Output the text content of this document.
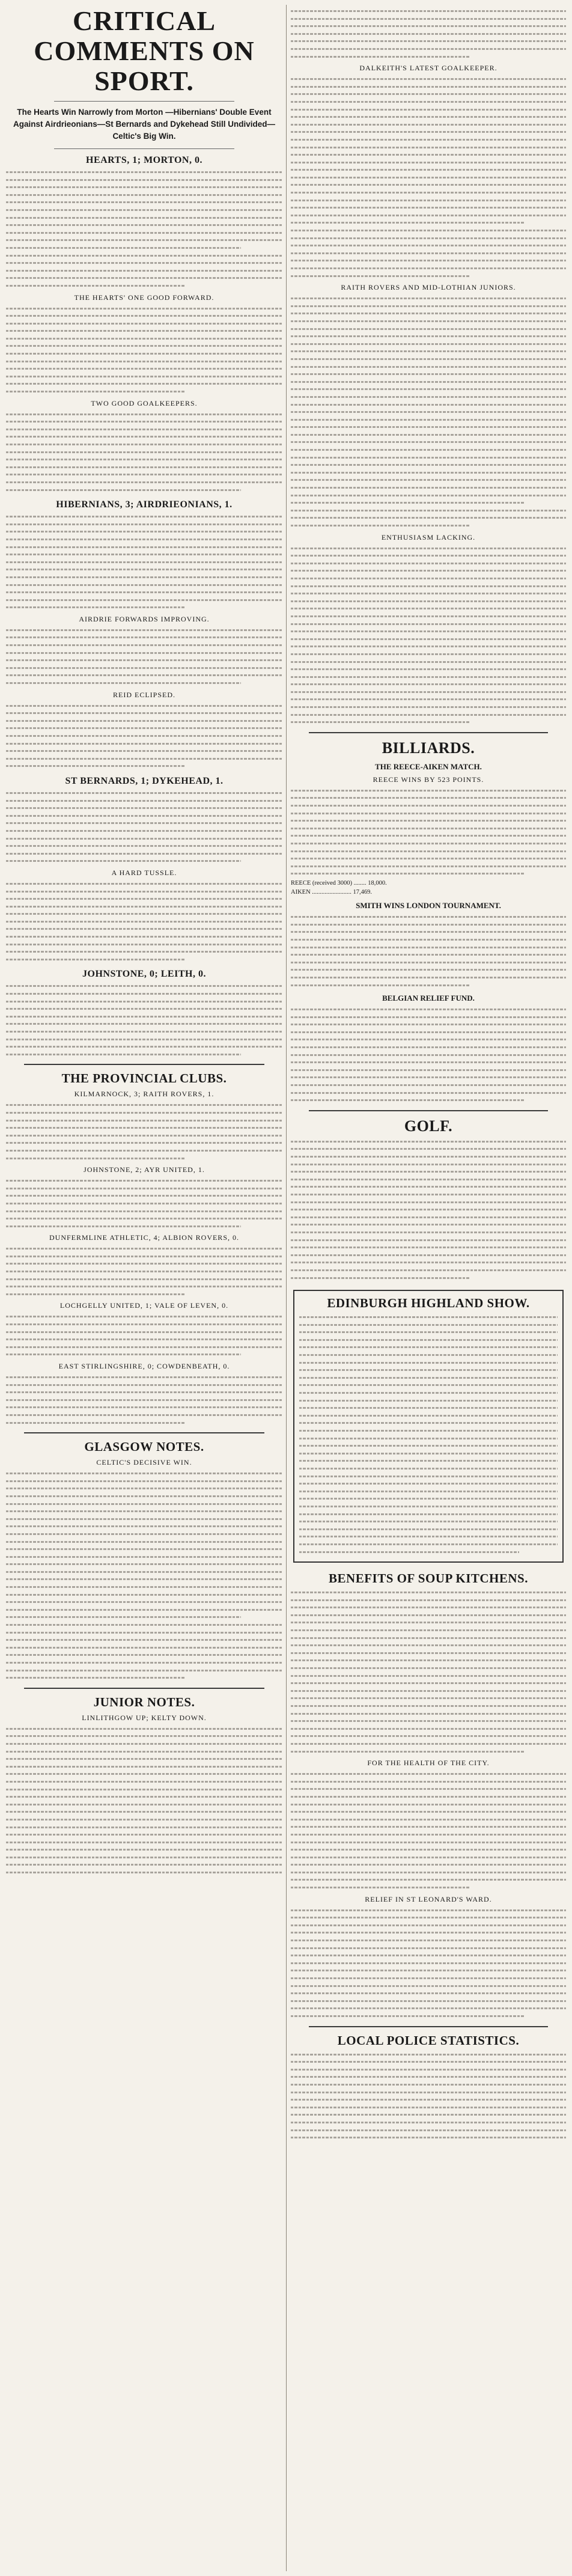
CRITICAL COMMENTS ON SPORT.
The Hearts Win Narrowly from Morton —Hibernians' Double Event Against Airdrieonians—St Bernards and Dykehead Still Undivided—Celtic's Big Win.
HEARTS, 1; MORTON, 0.
THE HEARTS' ONE GOOD FORWARD.
TWO GOOD GOALKEEPERS.
HIBERNIANS, 3; AIRDRIEONIANS, 1.
AIRDRIE FORWARDS IMPROVING.
REID ECLIPSED.
ST BERNARDS, 1; DYKEHEAD, 1.
A HARD TUSSLE.
JOHNSTONE, 0; LEITH, 0.
THE PROVINCIAL CLUBS.
KILMARNOCK, 3; RAITH ROVERS, 1.
JOHNSTONE, 2; AYR UNITED, 1.
DUNFERMLINE ATHLETIC, 4; ALBION ROVERS, 0.
LOCHGELLY UNITED, 1; VALE OF LEVEN, 0.
EAST STIRLINGSHIRE, 0; COWDENBEATH, 0.
GLASGOW NOTES.
CELTIC'S DECISIVE WIN.
JUNIOR NOTES.
LINLITHGOW UP; KELTY DOWN.
DALKEITH'S LATEST GOALKEEPER.
RAITH ROVERS AND MID-LOTHIAN JUNIORS.
ENTHUSIASM LACKING.
BILLIARDS.
THE REECE-AIKEN MATCH.
REECE WINS BY 523 POINTS.

REECE (received 3000) ........ 18,000.

AIKEN ......................... 17,469.

SMITH WINS LONDON TOURNAMENT.
BELGIAN RELIEF FUND.
GOLF.
EDINBURGH HIGHLAND SHOW.
BENEFITS OF SOUP KITCHENS.
FOR THE HEALTH OF THE CITY.
RELIEF IN ST LEONARD'S WARD.
LOCAL POLICE STATISTICS.
